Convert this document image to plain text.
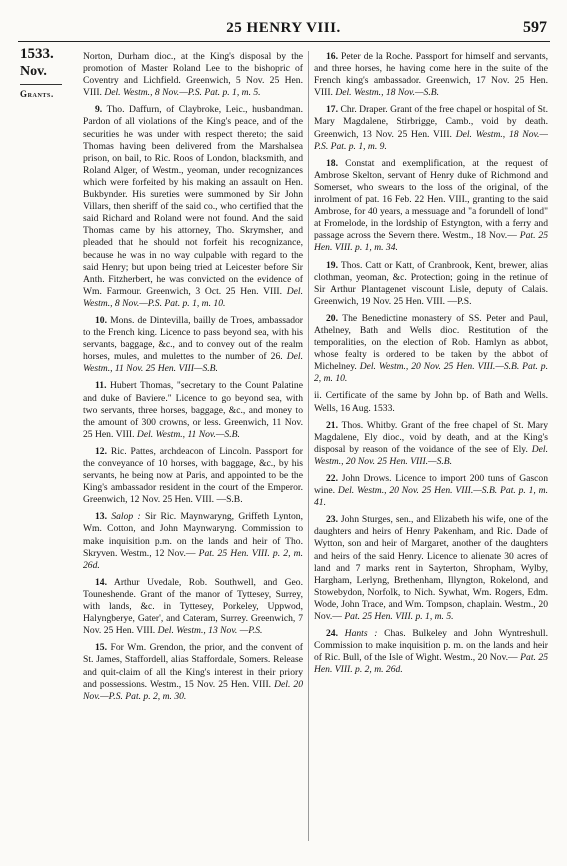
25 HENRY VIII.	597
1533.
Nov.
Grants.

Norton, Durham dioc., at the King's disposal by the promotion of Master Roland Lee to the bishopric of Coventry and Lichfield. Greenwich, 5 Nov. 25 Hen. VIII. Del. Westm., 8 Nov.—P.S. Pat. p. 1, m. 5.

9. Tho. Daffurn, of Claybroke, Leic., husbandman. Pardon of all violations of the King's peace, and of the securities he was under with respect thereto; the said Thomas having been delivered from the Marshalsea prison, on bail, to Ric. Roos of London, blacksmith, and Roland Alger, of Westm., yeoman, under recognizances which were forfeited by his making an assault on Hen. Bukbynder. His sureties were summoned by Sir John Villars, then sheriff of the said co., who certified that the said Richard and Roland were not found. And the said Thomas came by his attorney, Tho. Skrymsher, and pleaded that he should not forfeit his recognizance, because he was in no way culpable with regard to the said Henry; but upon being tried at Leicester before Sir Anth. Fitzherbert, he was convicted on the evidence of Wm. Farmour. Greenwich, 3 Oct. 25 Hen. VIII. Del. Westm., 8 Nov.—P.S. Pat. p. 1, m. 10.

10. Mons. de Dintevilla, bailly de Troes, ambassador to the French king. Licence to pass beyond sea, with his servants, baggage, &c., and to convey out of the realm horses, mules, and mulettes to the number of 26. Del. Westm., 11 Nov. 25 Hen. VIII—S.B.

11. Hubert Thomas, "secretary to the Count Palatine and duke of Baviere." Licence to go beyond sea, with two servants, three horses, baggage, &c., and money to the amount of 300 crowns, or less. Greenwich, 11 Nov. 25 Hen. VIII. Del. Westm., 11 Nov.—S.B.

12. Ric. Pattes, archdeacon of Lincoln. Passport for the conveyance of 10 horses, with baggage, &c., by his servants, he being now at Paris, and appointed to be the King's ambassador resident in the court of the Emperor. Greenwich, 12 Nov. 25 Hen. VIII. —S.B.

13. Salop : Sir Ric. Maynwaryng, Griffeth Lynton, Wm. Cotton, and John Maynwaryng. Commission to make inquisition p.m. on the lands and heir of Tho. Skryven. Westm., 12 Nov.— Pat. 25 Hen. VIII. p. 2, m. 26d.

14. Arthur Uvedale, Rob. Southwell, and Geo. Touneshende. Grant of the manor of Tyttesey, Surrey, with lands, &c. in Tyttesey, Porkeley, Uppwod, Halyngberye, Gater', and Cateram, Surrey. Greenwich, 7 Nov. 25 Hen. VIII. Del. Westm., 13 Nov. —P.S.

15. For Wm. Grendon, the prior, and the convent of St. James, Staffordell, alias Staffordale, Somers. Release and quit-claim of all the King's interest in their priory and possessions. Westm., 15 Nov. 25 Hen. VIII. Del. 20 Nov.—P.S. Pat. p. 2, m. 30.

16. Peter de la Roche. Passport for himself and servants, and three horses, he having come here in the suite of the French king's ambassador. Greenwich, 17 Nov. 25 Hen. VIII. Del. Westm., 18 Nov.—S.B.

17. Chr. Draper. Grant of the free chapel or hospital of St. Mary Magdalene, Stirbrigge, Camb., void by death. Greenwich, 13 Nov. 25 Hen. VIII. Del. Westm., 18 Nov.—P.S. Pat. p. 1, m. 9.

18. Cᴏnstat and exemplification, at the request of Ambrose Skelton, servant of Henry duke of Richmond and Somerset, who swears to the loss of the original, of the inrolment of pat. 16 Feb. 22 Hen. VIII., granting to the said Ambrose, for 40 years, a messuage and "a forundell of lond" at Fromelode, in the lordship of Estyngton, with a ferry and passage across the Severn there. Westm., 18 Nov.— Pat. 25 Hen. VIII. p. 1, m. 34.

19. Thos. Catt or Katt, of Cranbrook, Kent, brewer, alias clothman, yeoman, &c. Protection; going in the retinue of Sir Arthur Plantagenet viscount Lisle, deputy of Calais. Greenwich, 19 Nov. 25 Hen. VIII. —P.S.

20. The Benedictine monastery of SS. Peter and Paul, Athelney, Bath and Wells dioc. Restitution of the temporalities, on the election of Rob. Hamlyn as abbot, whose fealty is ordered to be taken by the abbot of Michelney. Del. Westm., 20 Nov. 25 Hen. VIII.—S.B. Pat. p. 2, m. 10.

ii. Certificate of the same by John bp. of Bath and Wells. Wells, 16 Aug. 1533.

21. Thos. Whitby. Grant of the free chapel of St. Mary Magdalene, Ely dioc., void by death, and at the King's disposal by reason of the voidance of the see of Ely. Del. Westm., 20 Nov. 25 Hen. VIII.—S.B.

22. John Drows. Licence to import 200 tuns of Gascon wine. Del. Westm., 20 Nov. 25 Hen. VIII.—S.B. Pat. p. 1, m. 41.

23. John Sturges, sen., and Elizabeth his wife, one of the daughters and heirs of Henry Pakenham, and Ric. Dade of Wytton, son and heir of Margaret, another of the daughters and heirs of the said Henry. Licence to alienate 30 acres of land and 7 marks rent in Sayterton, Shropham, Wylby, Hargham, Lerlyng, Brethenham, Illyngton, Rokelond, and Stowebydon, Norfolk, to Nich. Sywhat, Wm. Rogers, Edm. Wode, John Trace, and Wm. Tompson, chaplain. Westm., 20 Nov.— Pat. 25 Hen. VIII. p. 1, m. 5.

24. Hants : Chas. Bulkeley and John Wyntreshull. Commission to make inquisition p. m. on the lands and heir of Ric. Bull, of the Isle of Wight. Westm., 20 Nov.— Pat. 25 Hen. VIII. p. 2, m. 26d.
